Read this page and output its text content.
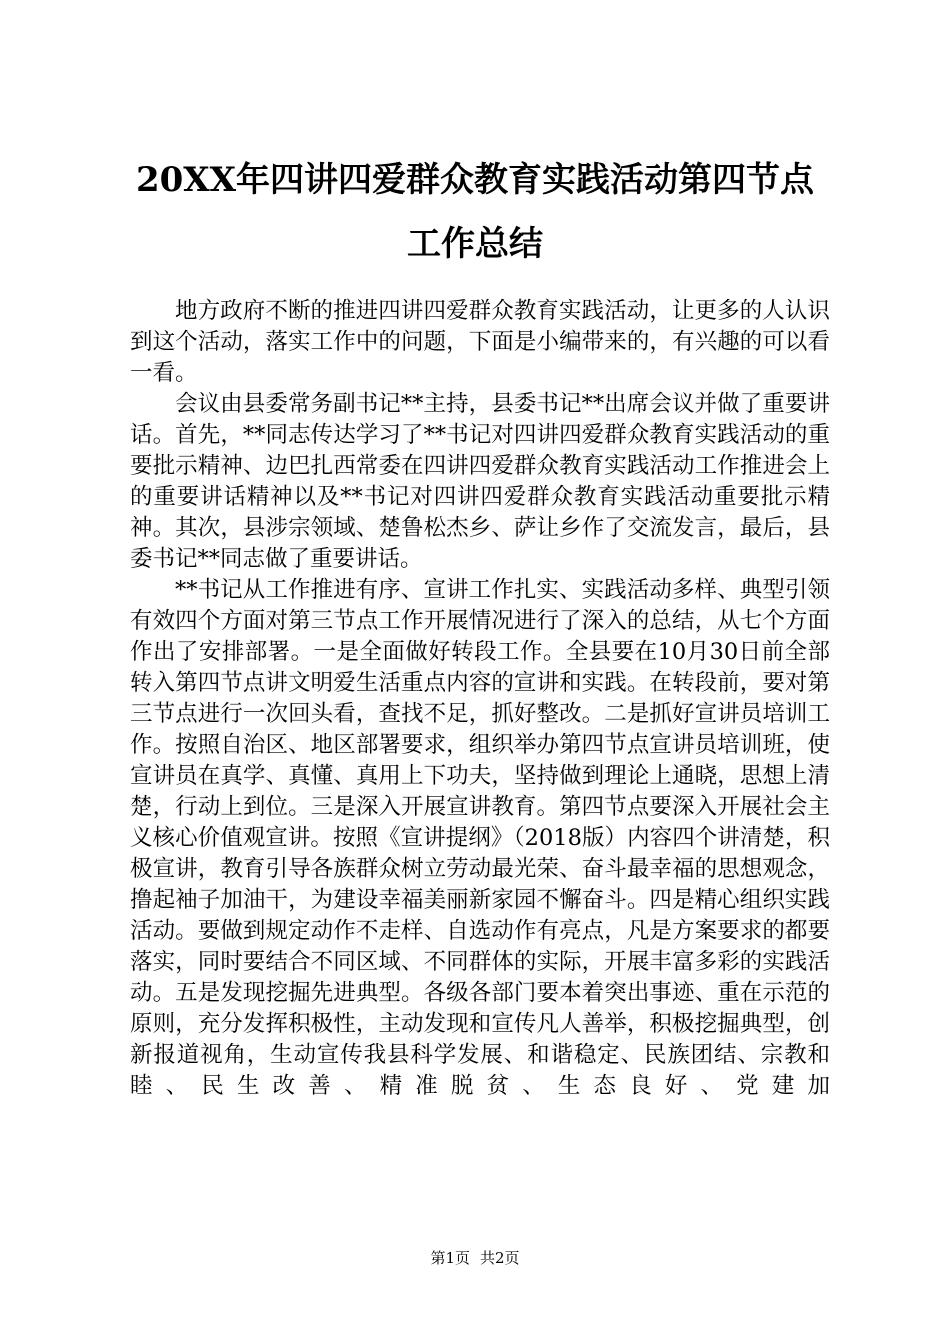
20XX年四讲四爱群众教育实践活动第四节点
工作总结

地方政府不断的推进四讲四爱群众教育实践活动，让更多的人认识到这个活动，落实工作中的问题，下面是小编带来的，有兴趣的可以看一看。

会议由县委常务副书记**主持，县委书记**出席会议并做了重要讲话。首先，**同志传达学习了**书记对四讲四爱群众教育实践活动的重要批示精神、边巴扎西常委在四讲四爱群众教育实践活动工作推进会上的重要讲话精神以及**书记对四讲四爱群众教育实践活动重要批示精神。其次，县涉宗领域、楚鲁松杰乡、萨让乡作了交流发言，最后，县委书记**同志做了重要讲话。

**书记从工作推进有序、宣讲工作扎实、实践活动多样、典型引领有效四个方面对第三节点工作开展情况进行了深入的总结，从七个方面作出了安排部署。一是全面做好转段工作。全县要在10月30日前全部转入第四节点讲文明爱生活重点内容的宣讲和实践。在转段前，要对第三节点进行一次回头看，查找不足，抓好整改。二是抓好宣讲员培训工作。按照自治区、地区部署要求，组织举办第四节点宣讲员培训班，使宣讲员在真学、真懂、真用上下功夫，坚持做到理论上通晓，思想上清楚，行动上到位。三是深入开展宣讲教育。第四节点要深入开展社会主义核心价值观宣讲。按照《宣讲提纲》（2018版）内容四个讲清楚，积极宣讲，教育引导各族群众树立劳动最光荣、奋斗最幸福的思想观念，撸起袖子加油干，为建设幸福美丽新家园不懈奋斗。四是精心组织实践活动。要做到规定动作不走样、自选动作有亮点，凡是方案要求的都要落实，同时要结合不同区域、不同群体的实际，开展丰富多彩的实践活动。五是发现挖掘先进典型。各级各部门要本着突出事迹、重在示范的原则，充分发挥积极性，主动发现和宣传凡人善举，积极挖掘典型，创新报道视角，生动宣传我县科学发展、和谐稳定、民族团结、宗教和睦、民生改善、精准脱贫、生态良好、党建加

第1页 共2页
